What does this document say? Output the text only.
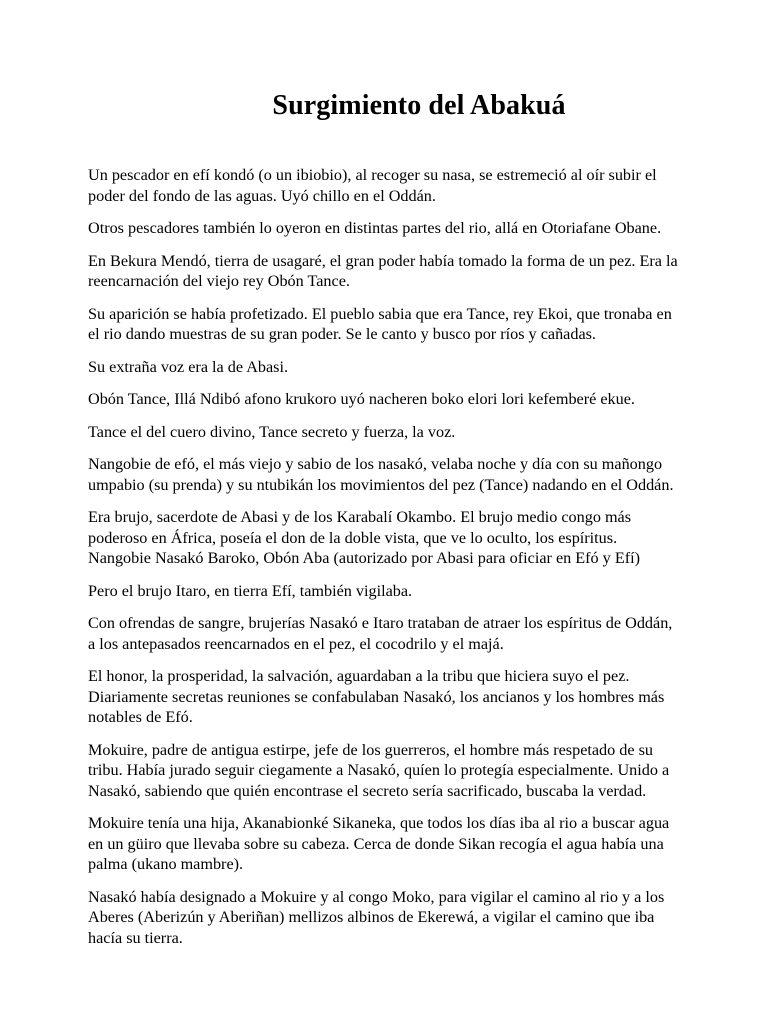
Surgimiento del Abakuá

Un pescador en efí kondó (o un ibiobio), al recoger su nasa, se estremeció al oír subir el
poder del fondo de las aguas. Uyó chillo en el Oddán.

Otros pescadores también lo oyeron en distintas partes del rio, allá en Otoriafane Obane.

En Bekura Mendó, tierra de usagaré, el gran poder había tomado la forma de un pez. Era la
reencarnación del viejo rey Obón Tance.

Su aparición se había profetizado. El pueblo sabia que era Tance, rey Ekoi, que tronaba en
el rio dando muestras de su gran poder. Se le canto y busco por ríos y cañadas.

Su extraña voz era la de Abasi.

Obón Tance, Illá Ndibó afono krukoro uyó nacheren boko elori lori kefemberé ekue.

Tance el del cuero divino, Tance secreto y fuerza, la voz.

Nangobie de efó, el más viejo y sabio de los nasakó, velaba noche y día con su mañongo
umpabio (su prenda) y su ntubikán los movimientos del pez (Tance) nadando en el Oddán.

Era brujo, sacerdote de Abasi y de los Karabalí Okambo. El brujo medio congo más
poderoso en África, poseía el don de la doble vista, que ve lo oculto, los espíritus.
Nangobie Nasakó Baroko, Obón Aba (autorizado por Abasi para oficiar en Efó y Efí)

Pero el brujo Itaro, en tierra Efí, también vigilaba.

Con ofrendas de sangre, brujerías Nasakó e Itaro trataban de atraer los espíritus de Oddán,
a los antepasados reencarnados en el pez, el cocodrilo y el majá.

El honor, la prosperidad, la salvación, aguardaban a la tribu que hiciera suyo el pez.
Diariamente secretas reuniones se confabulaban Nasakó, los ancianos y los hombres más
notables de Efó.

Mokuire, padre de antigua estirpe, jefe de los guerreros, el hombre más respetado de su
tribu. Había jurado seguir ciegamente a Nasakó, quíen lo protegía especialmente. Unido a
Nasakó, sabiendo que quién encontrase el secreto sería sacrificado, buscaba la verdad.

Mokuire tenía una hija, Akanabionké Sikaneka, que todos los días iba al rio a buscar agua
en un güiro que llevaba sobre su cabeza. Cerca de donde Sikan recogía el agua había una
palma (ukano mambre).

Nasakó había designado a Mokuire y al congo Moko, para vigilar el camino al rio y a los
Aberes (Aberizún y Aberiñan) mellizos albinos de Ekerewá, a vigilar el camino que iba
hacía su tierra.
